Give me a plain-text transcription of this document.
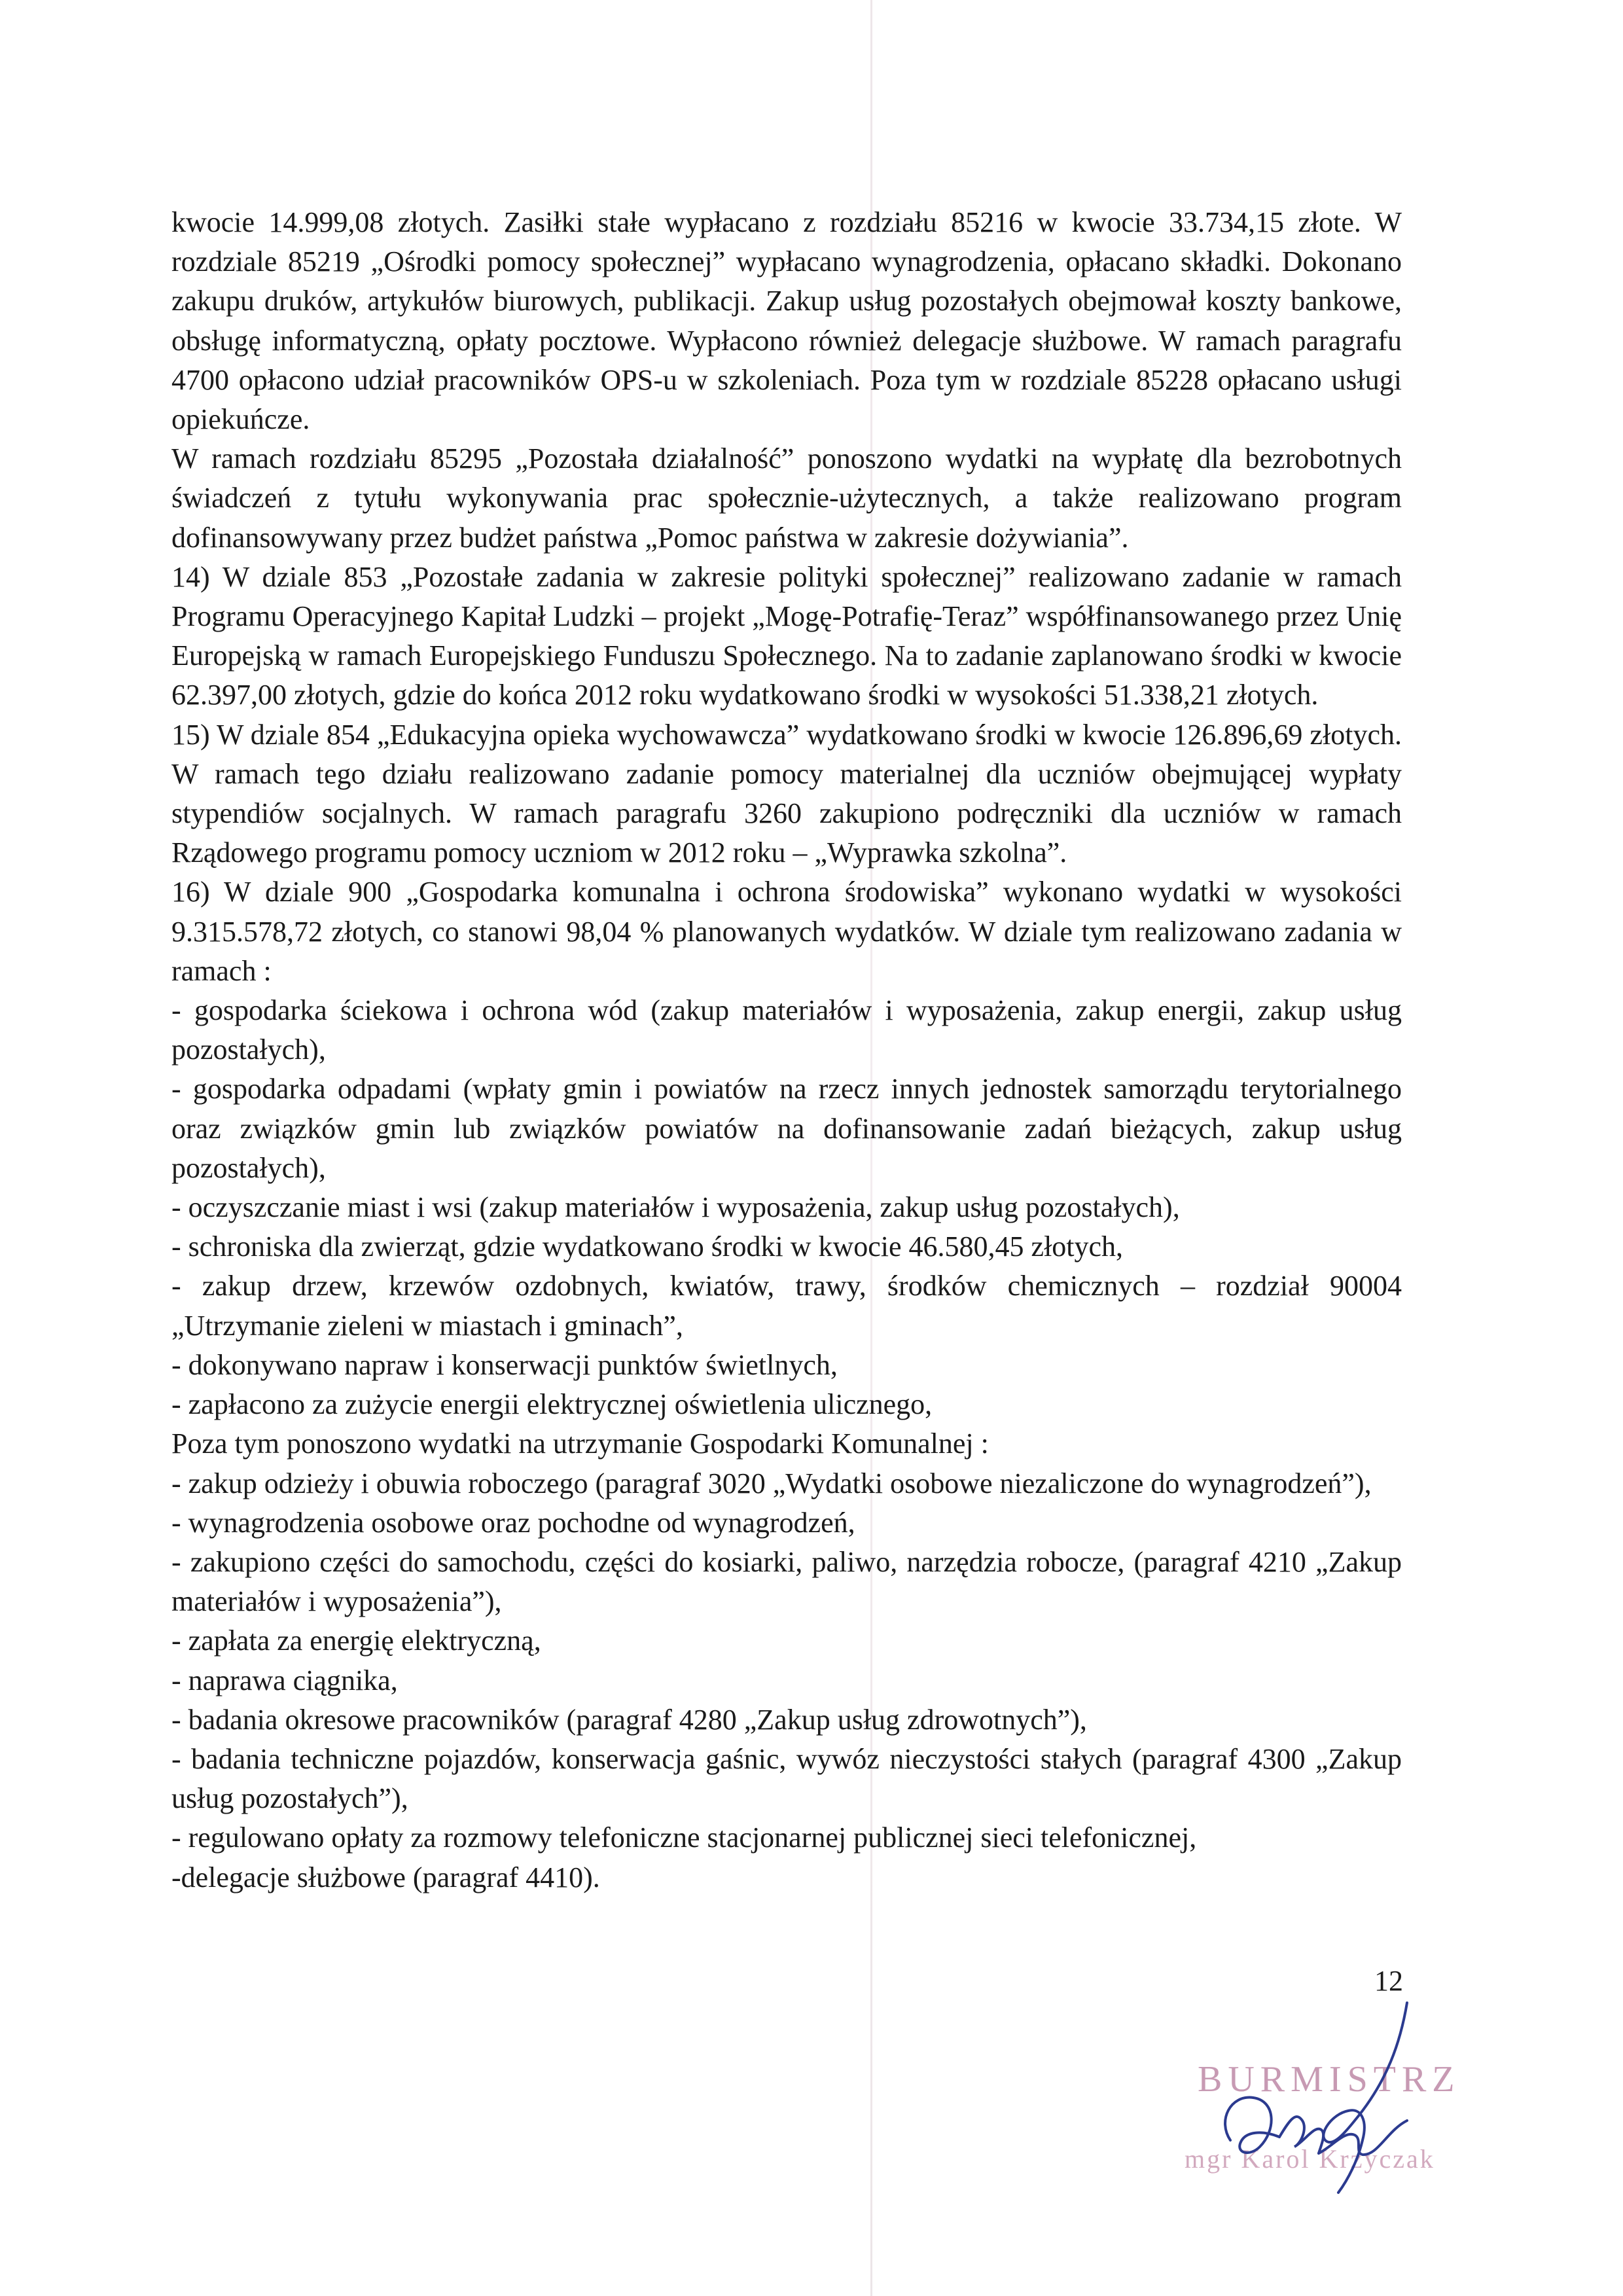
kwocie 14.999,08 złotych. Zasiłki stałe wypłacano z rozdziału 85216 w kwocie 33.734,15 złote. W rozdziale 85219 „Ośrodki pomocy społecznej” wypłacano wynagrodzenia, opłacano składki. Dokonano zakupu druków, artykułów biurowych, publikacji. Zakup usług pozostałych obejmował koszty bankowe, obsługę informatyczną, opłaty pocztowe. Wypłacono również delegacje służbowe. W ramach paragrafu 4700 opłacono udział pracowników OPS-u w szkoleniach. Poza tym w rozdziale 85228 opłacano usługi opiekuńcze.

W ramach rozdziału 85295 „Pozostała działalność” ponoszono wydatki na wypłatę dla bezrobotnych świadczeń z tytułu wykonywania prac społecznie-użytecznych, a także realizowano program dofinansowywany przez budżet państwa „Pomoc państwa w zakresie dożywiania”.

14) W dziale 853 „Pozostałe zadania w zakresie polityki społecznej” realizowano zadanie w ramach Programu Operacyjnego Kapitał Ludzki – projekt „Mogę-Potrafię-Teraz” współfinansowanego przez Unię Europejską w ramach Europejskiego Funduszu Społecznego. Na to zadanie zaplanowano środki w kwocie 62.397,00 złotych, gdzie do końca 2012 roku wydatkowano środki w wysokości 51.338,21 złotych.

15) W dziale 854 „Edukacyjna opieka wychowawcza” wydatkowano środki w kwocie 126.896,69 złotych. W ramach tego działu realizowano zadanie pomocy materialnej dla uczniów obejmującej wypłaty stypendiów socjalnych. W ramach paragrafu 3260 zakupiono podręczniki dla uczniów w ramach Rządowego programu pomocy uczniom w 2012 roku – „Wyprawka szkolna”.

16) W dziale 900 „Gospodarka komunalna i ochrona środowiska” wykonano wydatki w wysokości 9.315.578,72 złotych, co stanowi 98,04 % planowanych wydatków. W dziale tym realizowano zadania w ramach :

- gospodarka ściekowa i ochrona wód (zakup materiałów i wyposażenia, zakup energii, zakup usług pozostałych),

- gospodarka odpadami (wpłaty gmin i powiatów na rzecz innych jednostek samorządu terytorialnego oraz związków gmin lub związków powiatów na dofinansowanie zadań bieżących, zakup usług pozostałych),

- oczyszczanie miast i wsi (zakup materiałów i wyposażenia, zakup usług pozostałych),

- schroniska dla zwierząt, gdzie wydatkowano środki w kwocie 46.580,45 złotych,

- zakup drzew, krzewów ozdobnych, kwiatów, trawy, środków chemicznych – rozdział 90004 „Utrzymanie zieleni w miastach i gminach”,

- dokonywano napraw i konserwacji punktów świetlnych,

- zapłacono za zużycie energii elektrycznej oświetlenia ulicznego,

Poza tym ponoszono wydatki na utrzymanie Gospodarki Komunalnej :

- zakup odzieży i obuwia roboczego (paragraf 3020 „Wydatki osobowe niezaliczone do wynagrodzeń”),

- wynagrodzenia osobowe oraz pochodne od wynagrodzeń,

- zakupiono części do samochodu, części do kosiarki, paliwo, narzędzia robocze, (paragraf 4210 „Zakup materiałów i wyposażenia”),

- zapłata za energię elektryczną,

- naprawa ciągnika,

- badania okresowe pracowników (paragraf 4280 „Zakup usług zdrowotnych”),

- badania techniczne pojazdów, konserwacja gaśnic, wywóz nieczystości stałych (paragraf 4300 „Zakup usług pozostałych”),

- regulowano opłaty za rozmowy telefoniczne stacjonarnej publicznej sieci telefonicznej,

-delegacje służbowe (paragraf 4410).

12
BURMISTRZ
mgr Karol Krzyczak
